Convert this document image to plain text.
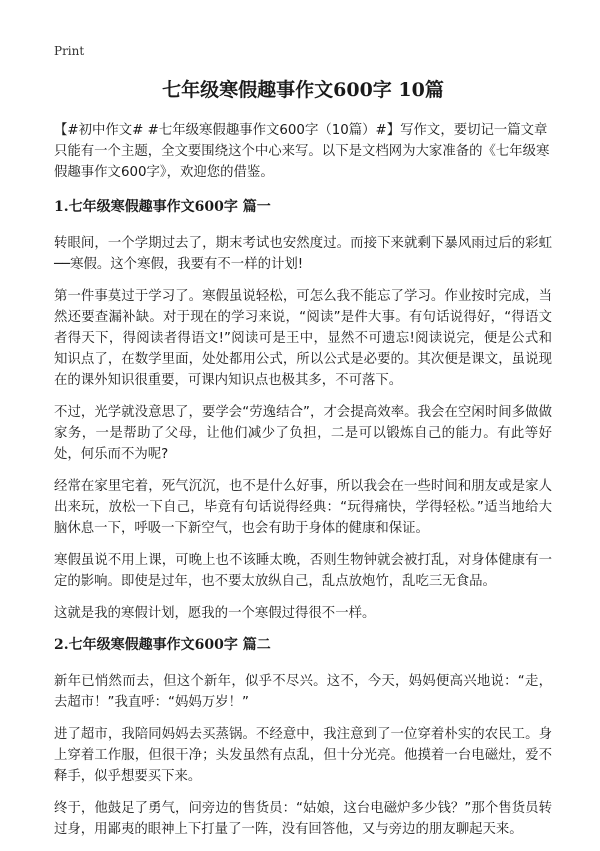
Print
七年级寒假趣事作文600字 10篇

【#初中作文# #七年级寒假趣事作文600字（10篇）#】写作文，要切记一篇文章只能有一个主题，全文要围绕这个中心来写。以下是文档网为大家准备的《七年级寒假趣事作文600字》，欢迎您的借鉴。

1.七年级寒假趣事作文600字 篇一

转眼间，一个学期过去了，期末考试也安然度过。而接下来就剩下暴风雨过后的彩虹──寒假。这个寒假，我要有不一样的计划!

第一件事莫过于学习了。寒假虽说轻松，可怎么我不能忘了学习。作业按时完成，当然还要查漏补缺。对于现在的学习来说，“阅读”是件大事。有句话说得好，“得语文者得天下，得阅读者得语文!”阅读可是王中，显然不可遗忘!阅读说完，便是公式和知识点了，在数学里面，处处都用公式，所以公式是必要的。其次便是课文，虽说现在的课外知识很重要，可课内知识点也极其多，不可落下。

不过，光学就没意思了，要学会“劳逸结合”，才会提高效率。我会在空闲时间多做做家务，一是帮助了父母，让他们减少了负担，二是可以锻炼自己的能力。有此等好处，何乐而不为呢?

经常在家里宅着，死气沉沉，也不是什么好事，所以我会在一些时间和朋友或是家人出来玩，放松一下自己，毕竟有句话说得经典：“玩得痛快，学得轻松。”适当地给大脑休息一下，呼吸一下新空气，也会有助于身体的健康和保证。

寒假虽说不用上课，可晚上也不该睡太晚，否则生物钟就会被打乱，对身体健康有一定的影响。即使是过年，也不要太放纵自己，乱点放炮竹，乱吃三无食品。

这就是我的寒假计划，愿我的一个寒假过得很不一样。

2.七年级寒假趣事作文600字 篇二

新年已悄然而去，但这个新年，似乎不尽兴。这不，今天，妈妈便高兴地说：“走，去超市！”我直呼：“妈妈万岁！”

进了超市，我陪同妈妈去买蒸锅。不经意中，我注意到了一位穿着朴实的农民工。身上穿着工作服，但很干净；头发虽然有点乱，但十分光亮。他摸着一台电磁灶，爱不释手，似乎想要买下来。

终于，他鼓足了勇气，问旁边的售货员：“姑娘，这台电磁炉多少钱？”那个售货员转过身，用鄙夷的眼神上下打量了一阵，没有回答他，又与旁边的朋友聊起天来。
